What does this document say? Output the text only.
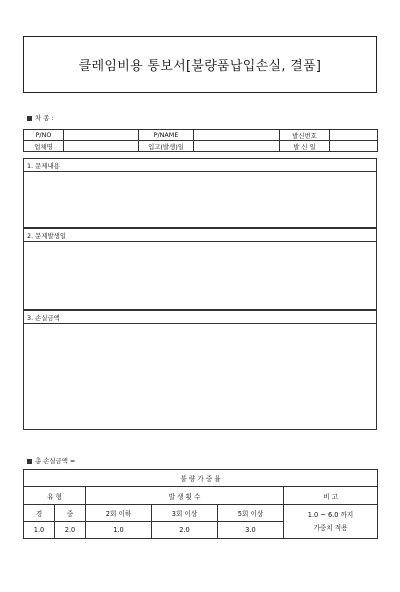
클레임비용 통보서[불량품납입손실, 결품]
차 종 :
P/NO		P/NAME		발신번호	
업체명		입고(발생)일		발 신 일	
1. 문제내용
2. 문제발생일
3. 손실금액
총 손실금액 =
불 량 가 중 율					
유 형		발 생 횟 수			비 고
경	중	2회 이하	3회 이상	5회 이상	1.0 ~ 6.0 까지
가중치 적용

1.0	2.0	1.0	2.0	3.0	
